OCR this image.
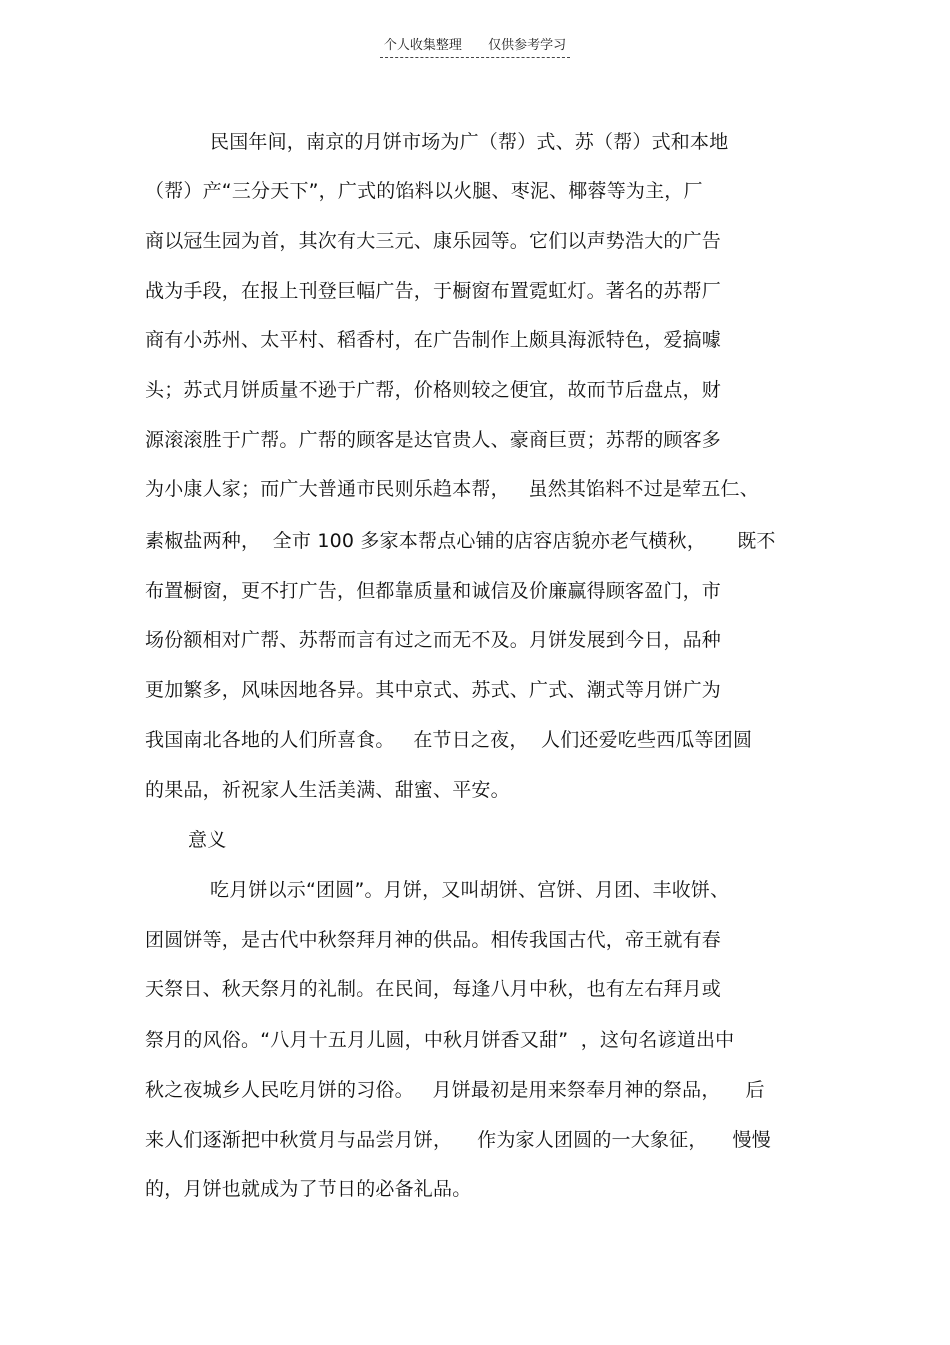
个人收集整理 仅供参考学习
民国年间，南京的月饼市场为广（帮）式、苏（帮）式和本地
（帮）产“三分天下”，广式的馅料以火腿、枣泥、椰蓉等为主，厂
商以冠生园为首，其次有大三元、康乐园等。它们以声势浩大的广告
战为手段，在报上刊登巨幅广告，于橱窗布置霓虹灯。著名的苏帮厂
商有小苏州、太平村、稻香村，在广告制作上颇具海派特色，爱搞噱
头；苏式月饼质量不逊于广帮，价格则较之便宜，故而节后盘点，财
源滚滚胜于广帮。广帮的顾客是达官贵人、豪商巨贾；苏帮的顾客多
为小康人家；而广大普通市民则乐趋本帮，   虽然其馅料不过是荤五仁、
素椒盐两种，  全市 100 多家本帮点心铺的店容店貌亦老气横秋，     既不
布置橱窗，更不打广告，但都靠质量和诚信及价廉赢得顾客盈门，市
场份额相对广帮、苏帮而言有过之而无不及。月饼发展到今日，品种
更加繁多，风味因地各异。其中京式、苏式、广式、潮式等月饼广为
我国南北各地的人们所喜食。   在节日之夜，  人们还爱吃些西瓜等团圆
的果品，祈祝家人生活美满、甜蜜、平安。
意义
吃月饼以示“团圆”。月饼，又叫胡饼、宫饼、月团、丰收饼、
团圆饼等，是古代中秋祭拜月神的供品。相传我国古代，帝王就有春
天祭日、秋天祭月的礼制。在民间，每逢八月中秋，也有左右拜月或
祭月的风俗。“八月十五月儿圆，中秋月饼香又甜”  ，这句名谚道出中
秋之夜城乡人民吃月饼的习俗。   月饼最初是用来祭奉月神的祭品，    后
来人们逐渐把中秋赏月与品尝月饼，    作为家人团圆的一大象征，    慢慢
的，月饼也就成为了节日的必备礼品。
